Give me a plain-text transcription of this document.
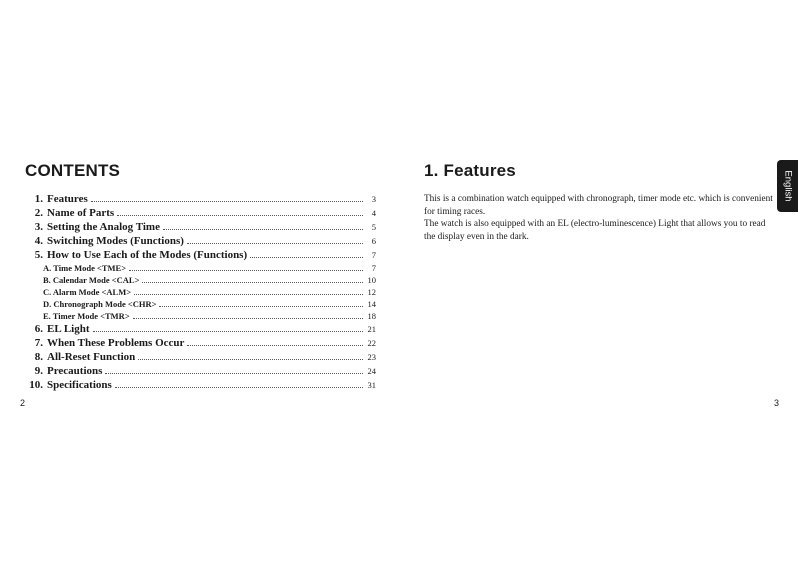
CONTENTS
1. Features	3
2. Name of Parts	4
3. Setting the Analog Time	5
4. Switching Modes (Functions)	6
5. How to Use Each of the Modes (Functions)	7
A. Time Mode <TME>	7
B. Calendar Mode <CAL>	10
C. Alarm Mode <ALM>	12
D. Chronograph Mode <CHR>	14
E. Timer Mode <TMR>	18
6. EL Light	21
7. When These Problems Occur	22
8. All-Reset Function	23
9. Precautions	24
10. Specifications	31
2
1. Features

This is a combination watch equipped with chronograph, timer mode etc. which is convenient for timing races.

The watch is also equipped with an EL (electro-luminescence) Light that allows you to read the display even in the dark.

English
3
